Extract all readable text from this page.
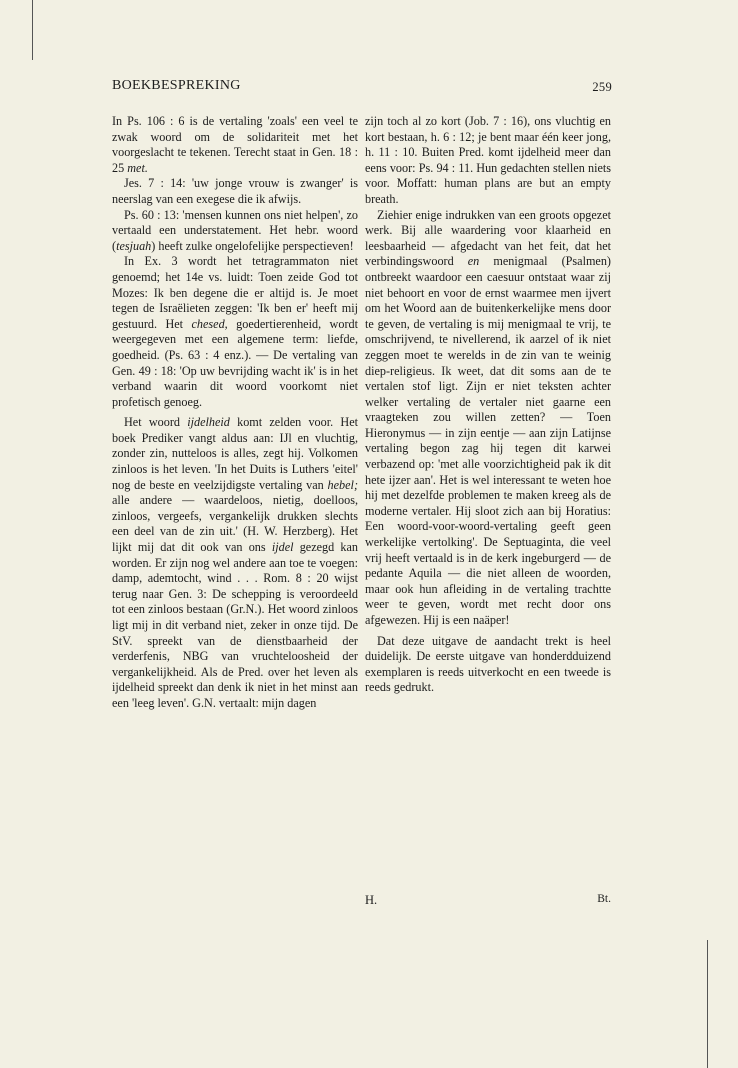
BOEKBESPREKING	259

In Ps. 106 : 6 is de vertaling 'zoals' een veel te zwak woord om de solidariteit met het voorgeslacht te tekenen. Terecht staat in Gen. 18 : 25 met.

Jes. 7 : 14: 'uw jonge vrouw is zwanger' is neerslag van een exegese die ik afwijs.

Ps. 60 : 13: 'mensen kunnen ons niet helpen', zo vertaald een understatement. Het hebr. woord (tesjuah) heeft zulke ongelofelijke perspectieven!

In Ex. 3 wordt het tetragrammaton niet genoemd; het 14e vs. luidt: Toen zeide God tot Mozes: Ik ben degene die er altijd is. Je moet tegen de Israëlieten zeggen: 'Ik ben er' heeft mij gestuurd. Het chesed, goedertierenheid, wordt weergegeven met een algemene term: liefde, goedheid. (Ps. 63 : 4 enz.). — De vertaling van Gen. 49 : 18: 'Op uw bevrijding wacht ik' is in het verband waarin dit woord voorkomt niet profetisch genoeg.

Het woord ijdelheid komt zelden voor. Het boek Prediker vangt aldus aan: IJl en vluchtig, zonder zin, nutteloos is alles, zegt hij. Volkomen zinloos is het leven. 'In het Duits is Luthers 'eitel' nog de beste en veelzijdigste vertaling van hebel; alle andere — waardeloos, nietig, doelloos, zinloos, vergeefs, vergankelijk drukken slechts een deel van de zin uit.' (H. W. Herzberg). Het lijkt mij dat dit ook van ons ijdel gezegd kan worden. Er zijn nog wel andere aan toe te voegen: damp, ademtocht, wind . . . Rom. 8 : 20 wijst terug naar Gen. 3: De schepping is veroordeeld tot een zinloos bestaan (Gr.N.). Het woord zinloos ligt mij in dit verband niet, zeker in onze tijd. De StV. spreekt van de dienstbaarheid der verderfenis, NBG van vruchteloosheid der vergankelijkheid. Als de Pred. over het leven als ijdelheid spreekt dan denk ik niet in het minst aan een 'leeg leven'. G.N. vertaalt: mijn dagen

zijn toch al zo kort (Job. 7 : 16), ons vluchtig en kort bestaan, h. 6 : 12; je bent maar één keer jong, h. 11 : 10. Buiten Pred. komt ijdelheid meer dan eens voor: Ps. 94 : 11. Hun gedachten stellen niets voor. Moffatt: human plans are but an empty breath.

Ziehier enige indrukken van een groots opgezet werk. Bij alle waardering voor klaarheid en leesbaarheid — afgedacht van het feit, dat het verbindingswoord en menigmaal (Psalmen) ontbreekt waardoor een caesuur ontstaat waar zij niet behoort en voor de ernst waarmee men ijvert om het Woord aan de buitenkerkelijke mens door te geven, de vertaling is mij menigmaal te vrij, te omschrijvend, te nivellerend, ik aarzel of ik niet zeggen moet te werelds in de zin van te weinig diep-religieus. Ik weet, dat dit soms aan de te vertalen stof ligt. Zijn er niet teksten achter welker vertaling de vertaler niet gaarne een vraagteken zou willen zetten? — Toen Hieronymus — in zijn eentje — aan zijn Latijnse vertaling begon zag hij tegen dit karwei verbazend op: 'met alle voorzichtigheid pak ik dit hete ijzer aan'. Het is wel interessant te weten hoe hij met dezelfde problemen te maken kreeg als de moderne vertaler. Hij sloot zich aan bij Horatius: Een woord-voor-woord-vertaling geeft geen werkelijke vertolking'. De Septuaginta, die veel vrij heeft vertaald is in de kerk ingeburgerd — de pedante Aquila — die niet alleen de woorden, maar ook hun afleiding in de vertaling trachtte weer te geven, wordt met recht door ons afgewezen. Hij is een naäper!

Dat deze uitgave de aandacht trekt is heel duidelijk. De eerste uitgave van honderdduizend exemplaren is reeds uitverkocht en een tweede is reeds gedrukt.

H.	Bt.
